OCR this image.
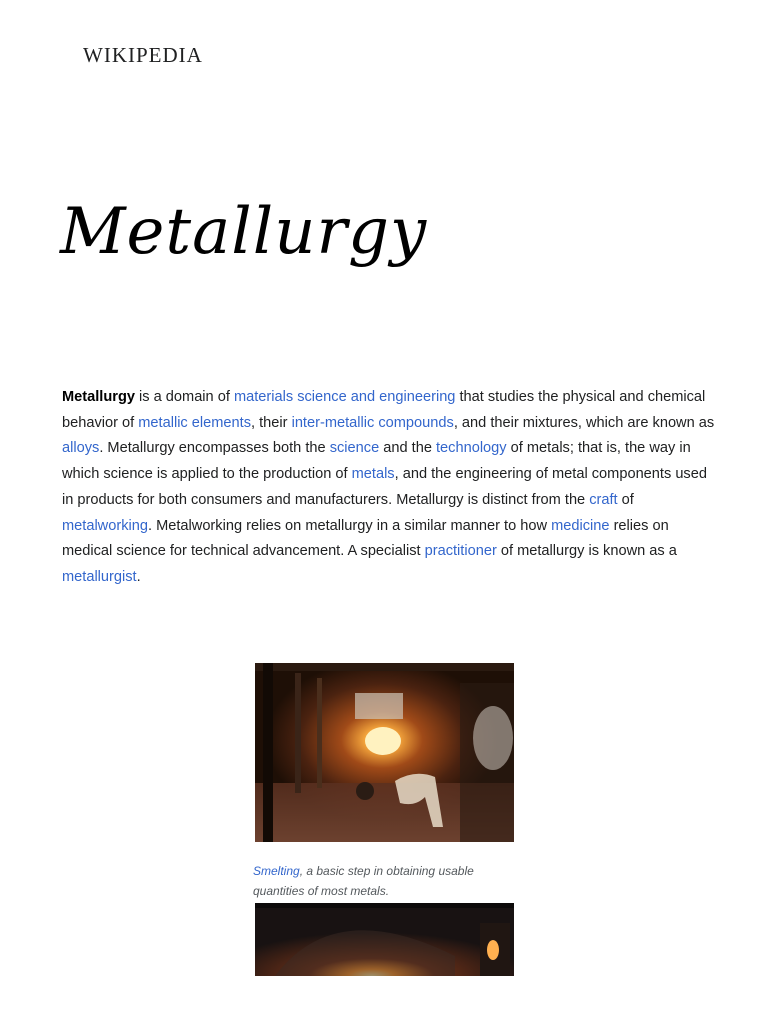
WIKIPEDIA
Metallurgy

Metallurgy is a domain of materials science and engineering that studies the physical and chemical behavior of metallic elements, their inter-metallic compounds, and their mixtures, which are known as alloys. Metallurgy encompasses both the science and the technology of metals; that is, the way in which science is applied to the production of metals, and the engineering of metal components used in products for both consumers and manufacturers. Metallurgy is distinct from the craft of metalworking. Metalworking relies on metallurgy in a similar manner to how medicine relies on medical science for technical advancement. A specialist practitioner of metallurgy is known as a metallurgist.

Smelting, a basic step in obtaining usable quantities of most metals.
